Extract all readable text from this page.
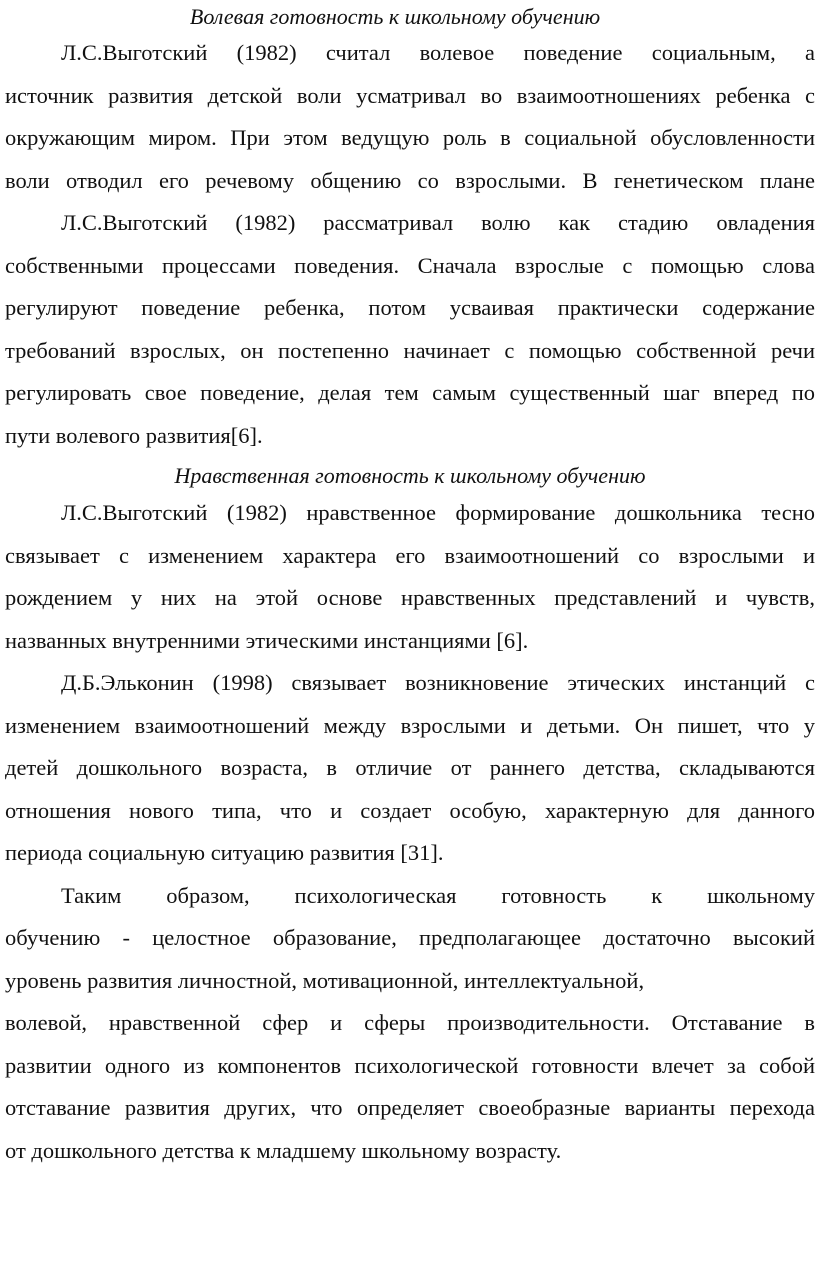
Волевая готовность к школьному обучению
Л.С.Выготский (1982) считал волевое поведение социальным, а
источник развития детской воли усматривал во взаимоотношениях ребенка с
окружающим миром. При этом ведущую роль в социальной обусловленности
воли отводил его речевому общению со взрослыми. В генетическом плане
Л.С.Выготский (1982) рассматривал волю как стадию овладения
собственными процессами поведения. Сначала взрослые с помощью слова
регулируют поведение ребенка, потом усваивая практически содержание
требований взрослых, он постепенно начинает с помощью собственной речи
регулировать свое поведение, делая тем самым существенный шаг вперед по
пути волевого развития[6].
Нравственная готовность к школьному обучению
Л.С.Выготский (1982) нравственное формирование дошкольника тесно
связывает с изменением характера его взаимоотношений со взрослыми и
рождением у них на этой основе нравственных представлений и чувств,
названных внутренними этическими инстанциями [6].
Д.Б.Эльконин (1998) связывает возникновение этических инстанций с
изменением взаимоотношений между взрослыми и детьми. Он пишет, что у
детей дошкольного возраста, в отличие от раннего детства, складываются
отношения нового типа, что и создает особую, характерную для данного
периода социальную ситуацию развития [31].
Таким образом, психологическая готовность к школьному
обучению - целостное образование, предполагающее достаточно высокий
уровень развития личностной, мотивационной, интеллектуальной,
волевой, нравственной сфер и сферы производительности. Отставание в
развитии одного из компонентов психологической готовности влечет за собой
отставание развития других, что определяет своеобразные варианты перехода
от дошкольного детства к младшему школьному возрасту.
